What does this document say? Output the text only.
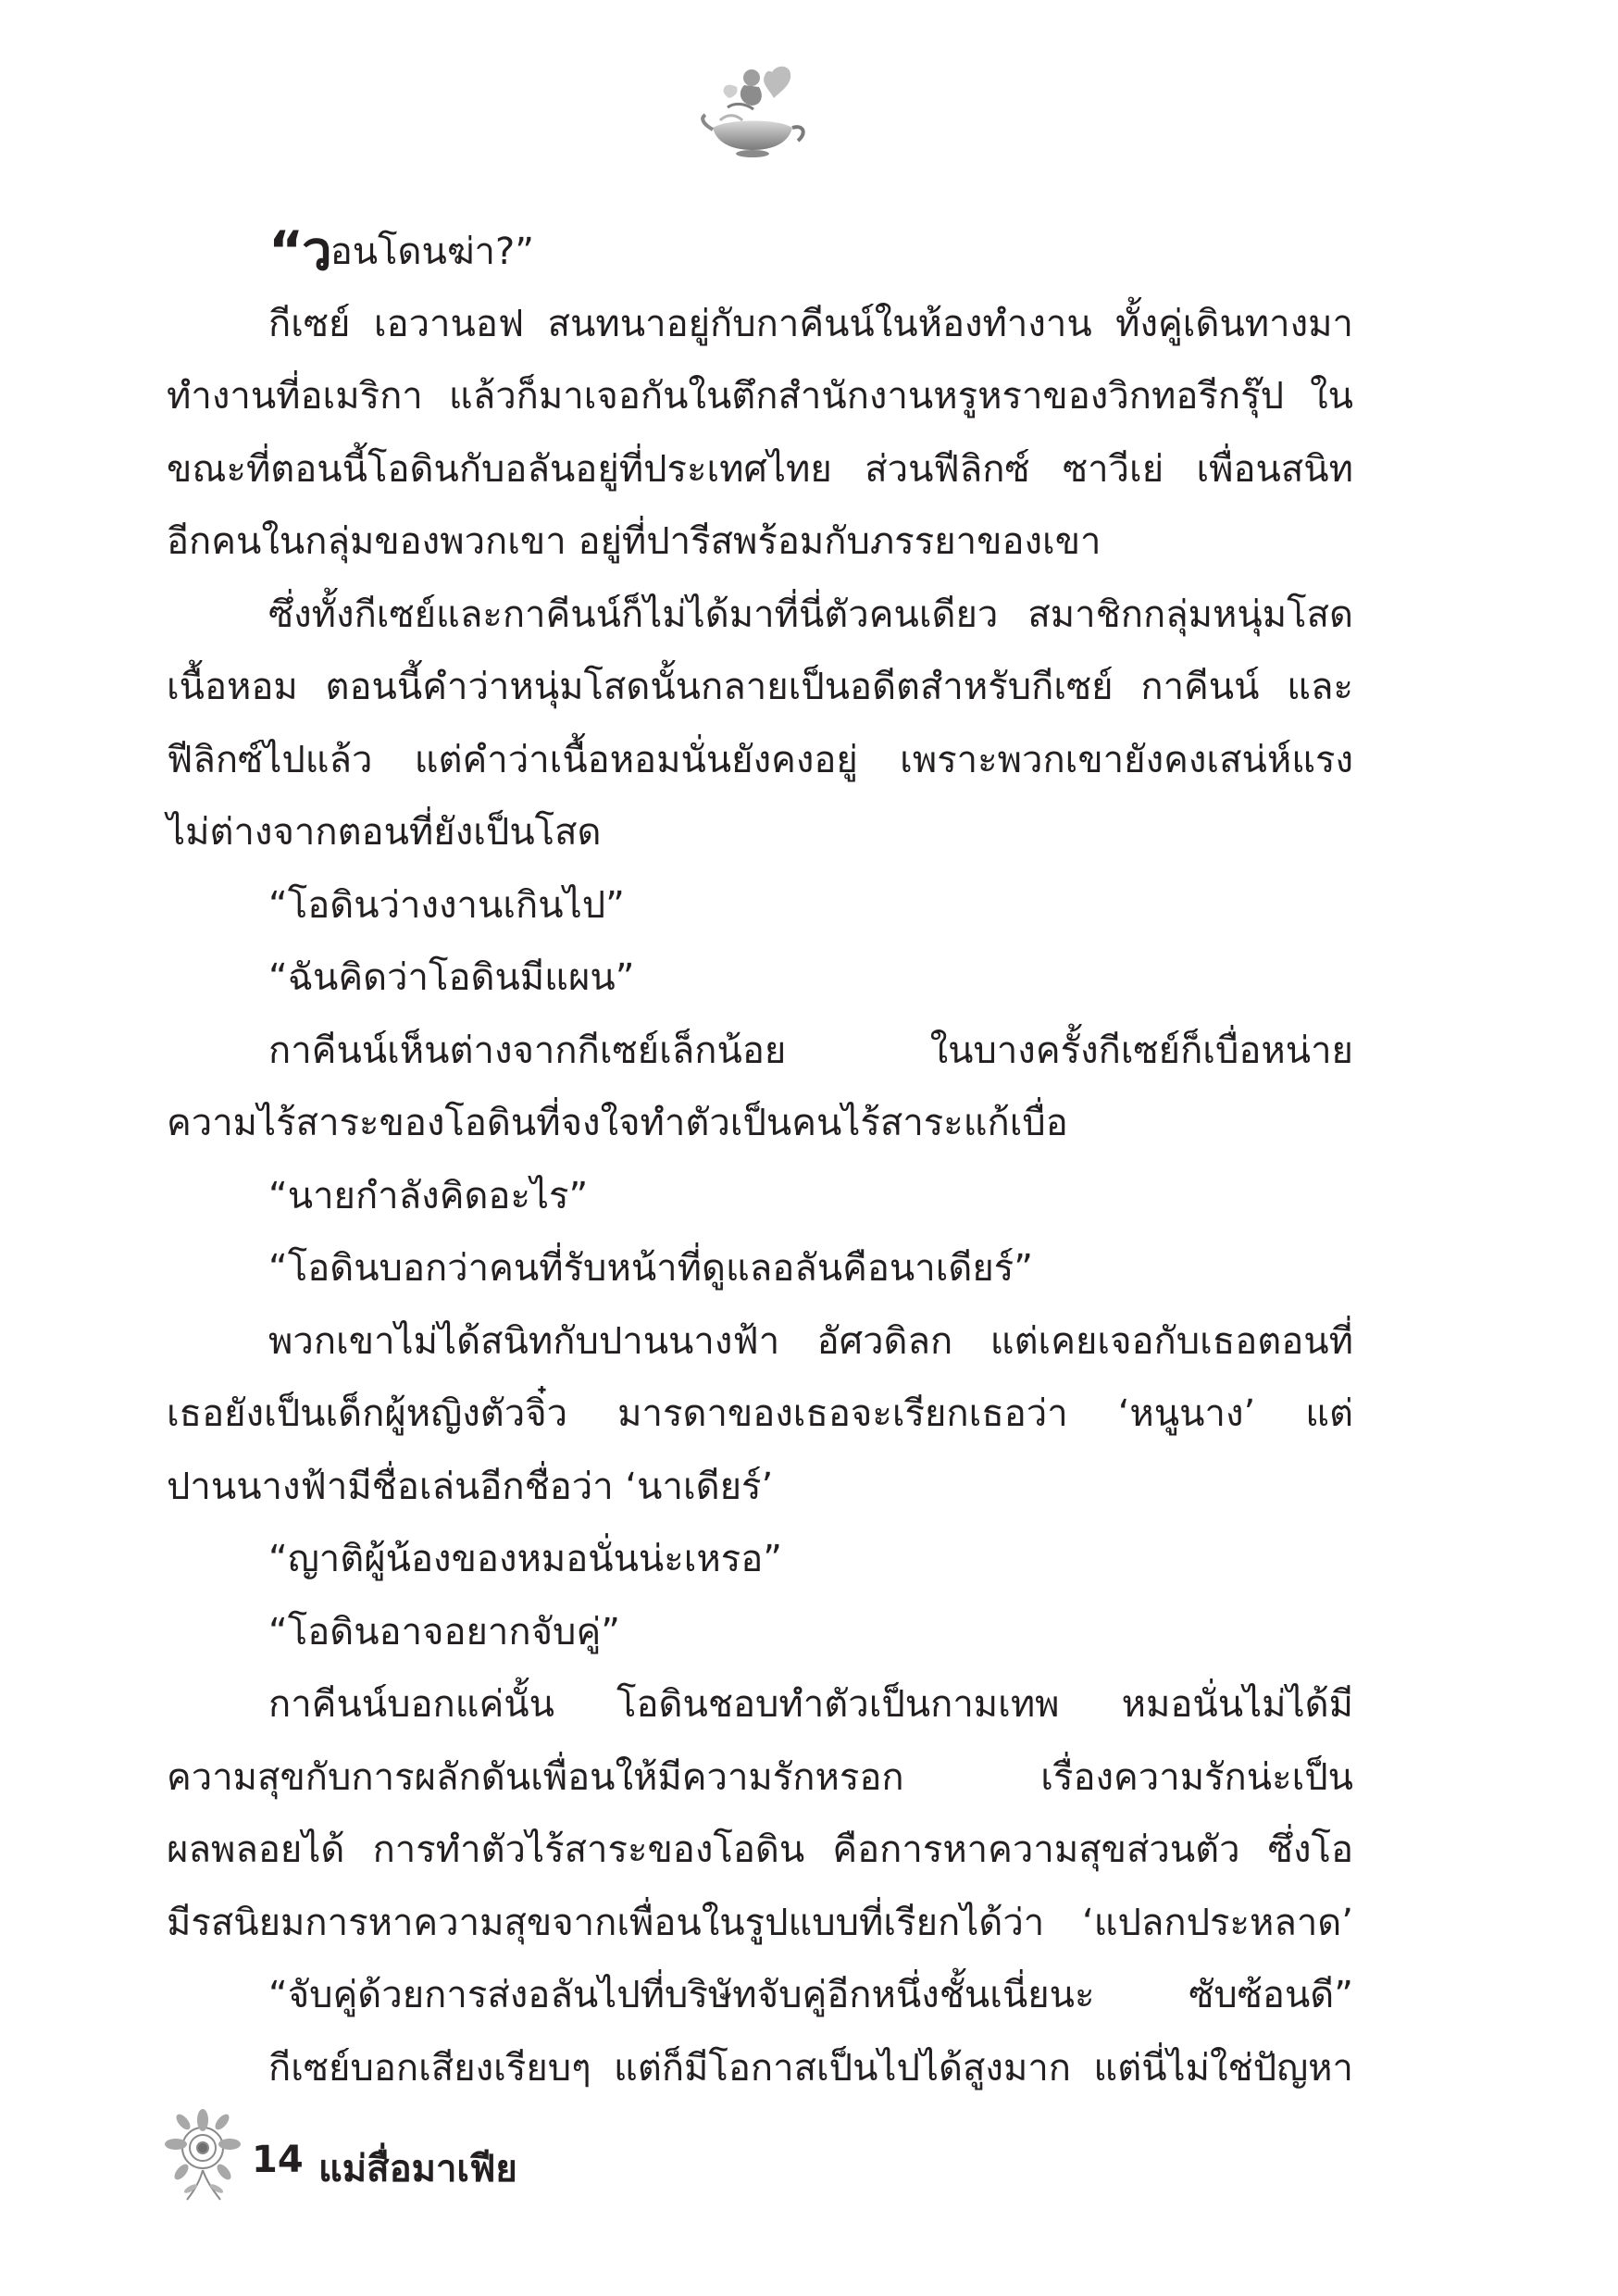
“วอนโดนฆ่า?”
กีเซย์ เอวานอฟ สนทนาอยู่กับกาคีนน์ในห้องทำงาน ทั้งคู่เดินทางมา
ทำงานที่อเมริกา แล้วก็มาเจอกันในตึกสำนักงานหรูหราของวิกทอรีกรุ๊ป ใน
ขณะที่ตอนนี้โอดินกับอลันอยู่ที่ประเทศไทย ส่วนฟีลิกซ์ ซาวีเย่ เพื่อนสนิท
อีกคนในกลุ่มของพวกเขา อยู่ที่ปารีสพร้อมกับภรรยาของเขา
ซึ่งทั้งกีเซย์และกาคีนน์ก็ไม่ได้มาที่นี่ตัวคนเดียว สมาชิกกลุ่มหนุ่มโสด
เนื้อหอม ตอนนี้คำว่าหนุ่มโสดนั้นกลายเป็นอดีตสำหรับกีเซย์ กาคีนน์ และ
ฟีลิกซ์ไปแล้ว แต่คำว่าเนื้อหอมนั่นยังคงอยู่ เพราะพวกเขายังคงเสน่ห์แรง
ไม่ต่างจากตอนที่ยังเป็นโสด
“โอดินว่างงานเกินไป”
“ฉันคิดว่าโอดินมีแผน”
กาคีนน์เห็นต่างจากกีเซย์เล็กน้อย ในบางครั้งกีเซย์ก็เบื่อหน่าย
ความไร้สาระของโอดินที่จงใจทำตัวเป็นคนไร้สาระแก้เบื่อ
“นายกำลังคิดอะไร”
“โอดินบอกว่าคนที่รับหน้าที่ดูแลอลันคือนาเดียร์”
พวกเขาไม่ได้สนิทกับปานนางฟ้า อัศวดิลก แต่เคยเจอกับเธอตอนที่
เธอยังเป็นเด็กผู้หญิงตัวจิ๋ว มารดาของเธอจะเรียกเธอว่า ‘หนูนาง’ แต่
ปานนางฟ้ามีชื่อเล่นอีกชื่อว่า ‘นาเดียร์’
“ญาติผู้น้องของหมอนั่นน่ะเหรอ”
“โอดินอาจอยากจับคู่”
กาคีนน์บอกแค่นั้น โอดินชอบทำตัวเป็นกามเทพ หมอนั่นไม่ได้มี
ความสุขกับการผลักดันเพื่อนให้มีความรักหรอก เรื่องความรักน่ะเป็น
ผลพลอยได้ การทำตัวไร้สาระของโอดิน คือการหาความสุขส่วนตัว ซึ่งโอ
มีรสนิยมการหาความสุขจากเพื่อนในรูปแบบที่เรียกได้ว่า ‘แปลกประหลาด’
“จับคู่ด้วยการส่งอลันไปที่บริษัทจับคู่อีกหนึ่งชั้นเนี่ยนะ ซับซ้อนดี”
กีเซย์บอกเสียงเรียบๆ แต่ก็มีโอกาสเป็นไปได้สูงมาก แต่นี่ไม่ใช่ปัญหา
14 แม่สื่อมาเฟีย
